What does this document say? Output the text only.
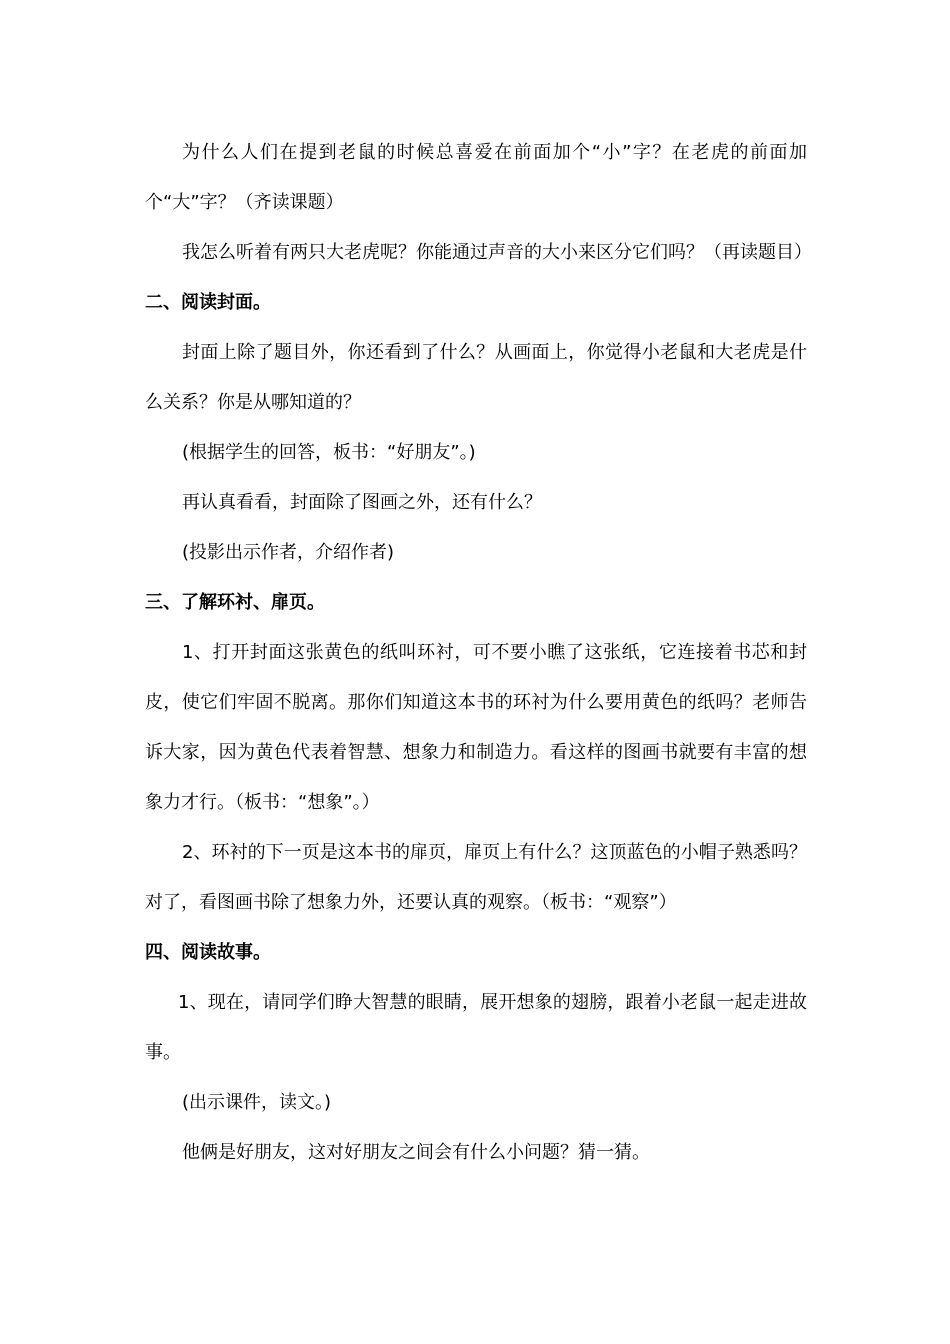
为什么人们在提到老鼠的时候总喜爱在前面加个“小”字？在老虎的前面加个“大”字？（齐读课题）

我怎么听着有两只大老虎呢？你能通过声音的大小来区分它们吗？（再读题目）

二、阅读封面。

封面上除了题目外，你还看到了什么？从画面上，你觉得小老鼠和大老虎是什么关系？你是从哪知道的？

(根据学生的回答，板书：“好朋友”。)

再认真看看，封面除了图画之外，还有什么？

(投影出示作者，介绍作者)

三、了解环衬、扉页。

1、打开封面这张黄色的纸叫环衬，可不要小瞧了这张纸，它连接着书芯和封皮，使它们牢固不脱离。那你们知道这本书的环衬为什么要用黄色的纸吗？老师告诉大家，因为黄色代表着智慧、想象力和制造力。看这样的图画书就要有丰富的想象力才行。（板书：“想象”。）

2、环衬的下一页是这本书的扉页，扉页上有什么？这顶蓝色的小帽子熟悉吗？对了，看图画书除了想象力外，还要认真的观察。（板书：“观察”）

四、阅读故事。

1、现在，请同学们睁大智慧的眼睛，展开想象的翅膀，跟着小老鼠一起走进故事。

(出示课件，读文。)

他俩是好朋友，这对好朋友之间会有什么小问题？猜一猜。
